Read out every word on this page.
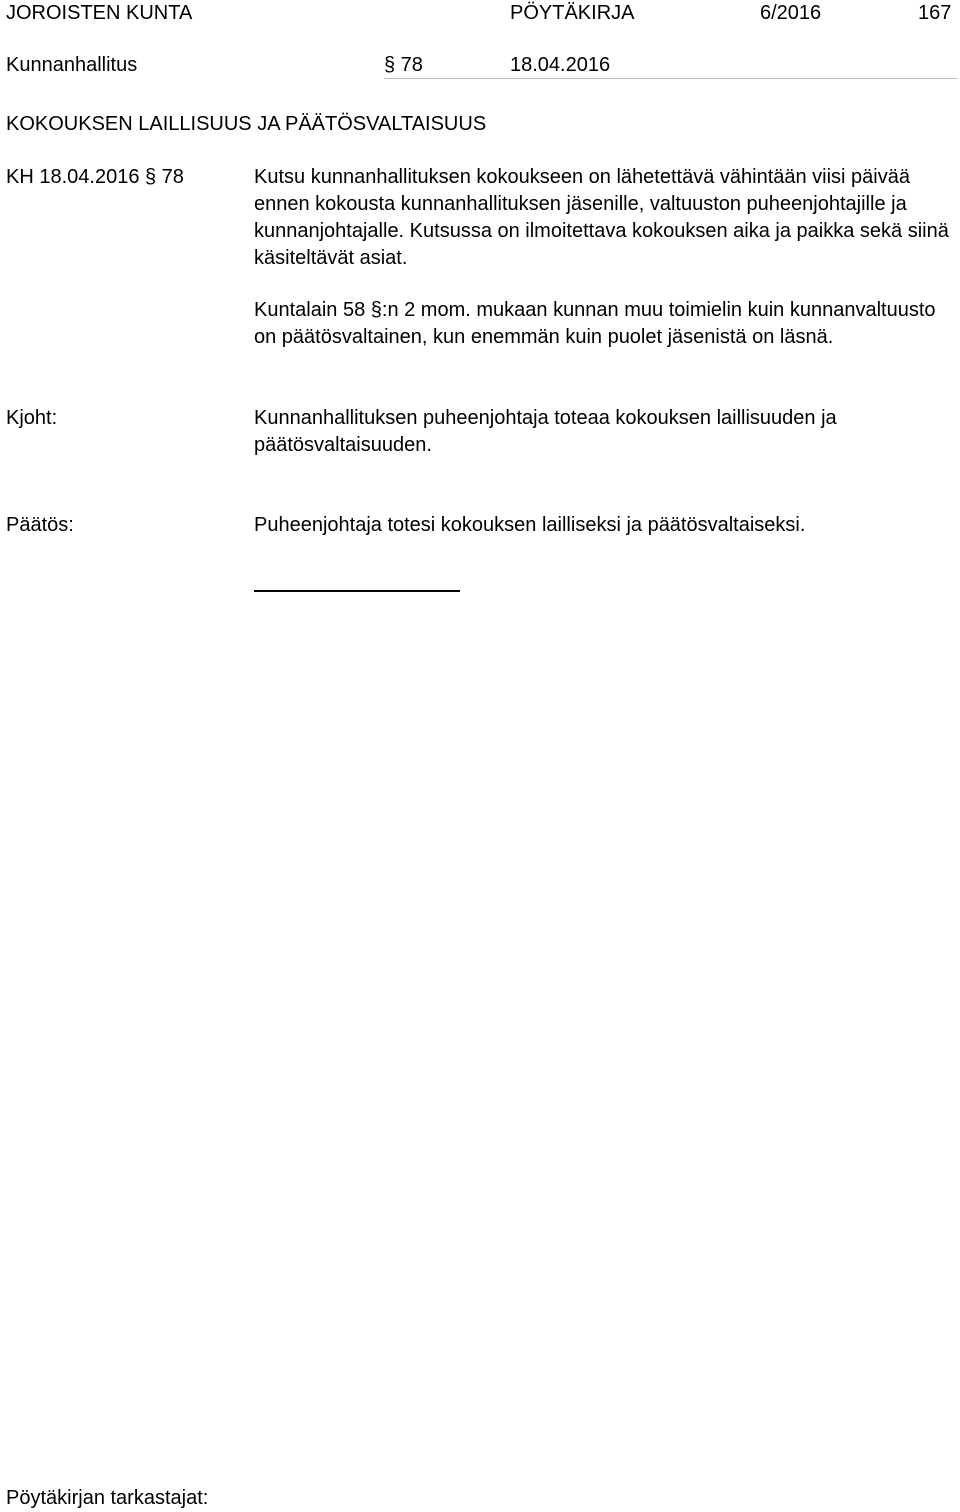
JOROISTEN KUNTA	PÖYTÄKIRJA	6/2016	167
Kunnanhallitus	§ 78	18.04.2016
KOKOUKSEN LAILLISUUS JA PÄÄTÖSVALTAISUUS
KH 18.04.2016 § 78	Kutsu kunnanhallituksen kokoukseen on lähetettävä vähintään viisi päivää ennen kokousta kunnanhallituksen jäsenille, valtuuston puheenjohtajille ja kunnanjohtajalle. Kutsussa on ilmoitettava kokouksen aika ja paikka sekä siinä käsiteltävät asiat.
Kuntalain 58 §:n 2 mom. mukaan kunnan muu toimielin kuin kunnanvaltuusto on päätösvaltainen, kun enemmän kuin puolet jäsenistä on läsnä.
Kjoht:	Kunnanhallituksen puheenjohtaja toteaa kokouksen laillisuuden ja päätösvaltaisuuden.
Päätös:	Puheenjohtaja totesi kokouksen lailliseksi ja päätösvaltaiseksi.
Pöytäkirjan tarkastajat:
